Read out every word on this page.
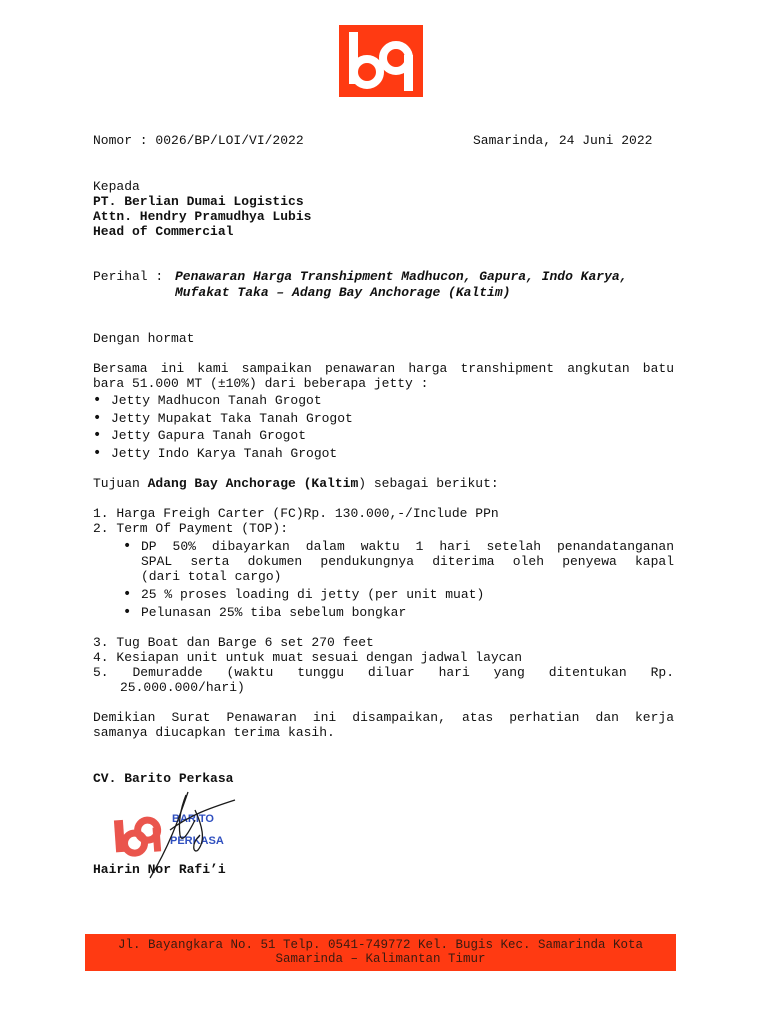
Nomor : 0026/BP/LOI/VI/2022	Samarinda, 24 Juni 2022
Kepada
PT. Berlian Dumai Logistics
Attn. Hendry Pramudhya Lubis
Head of Commercial
Perihal : Penawaran Harga Transhipment Madhucon, Gapura, Indo Karya,
Mufakat Taka – Adang Bay Anchorage (Kaltim)
Dengan hormat
Bersama ini kami sampaikan penawaran harga transhipment angkutan batu
bara 51.000 MT (±10%) dari beberapa jetty :
• Jetty Madhucon Tanah Grogot
• Jetty Mupakat Taka Tanah Grogot
• Jetty Gapura Tanah Grogot
• Jetty Indo Karya Tanah Grogot
Tujuan Adang Bay Anchorage (Kaltim) sebagai berikut:
1. Harga Freigh Carter (FC)Rp. 130.000,-/Include PPn
2. Term Of Payment (TOP):
• DP 50% dibayarkan dalam waktu 1 hari setelah penandatanganan
SPAL serta dokumen pendukungnya diterima oleh penyewa kapal
(dari total cargo)
• 25 % proses loading di jetty (per unit muat)
• Pelunasan 25% tiba sebelum bongkar
3. Tug Boat dan Barge 6 set 270 feet
4. Kesiapan unit untuk muat sesuai dengan jadwal laycan
5. Demuradde (waktu tunggu diluar hari yang ditentukan Rp.
25.000.000/hari)
Demikian Surat Penawaran ini disampaikan, atas perhatian dan kerja
samanya diucapkan terima kasih.
CV. Barito Perkasa
BARITO
PERKASA
Hairin Nor Rafi’i
Jl. Bayangkara No. 51 Telp. 0541-749772 Kel. Bugis Kec. Samarinda Kota
Samarinda – Kalimantan Timur
